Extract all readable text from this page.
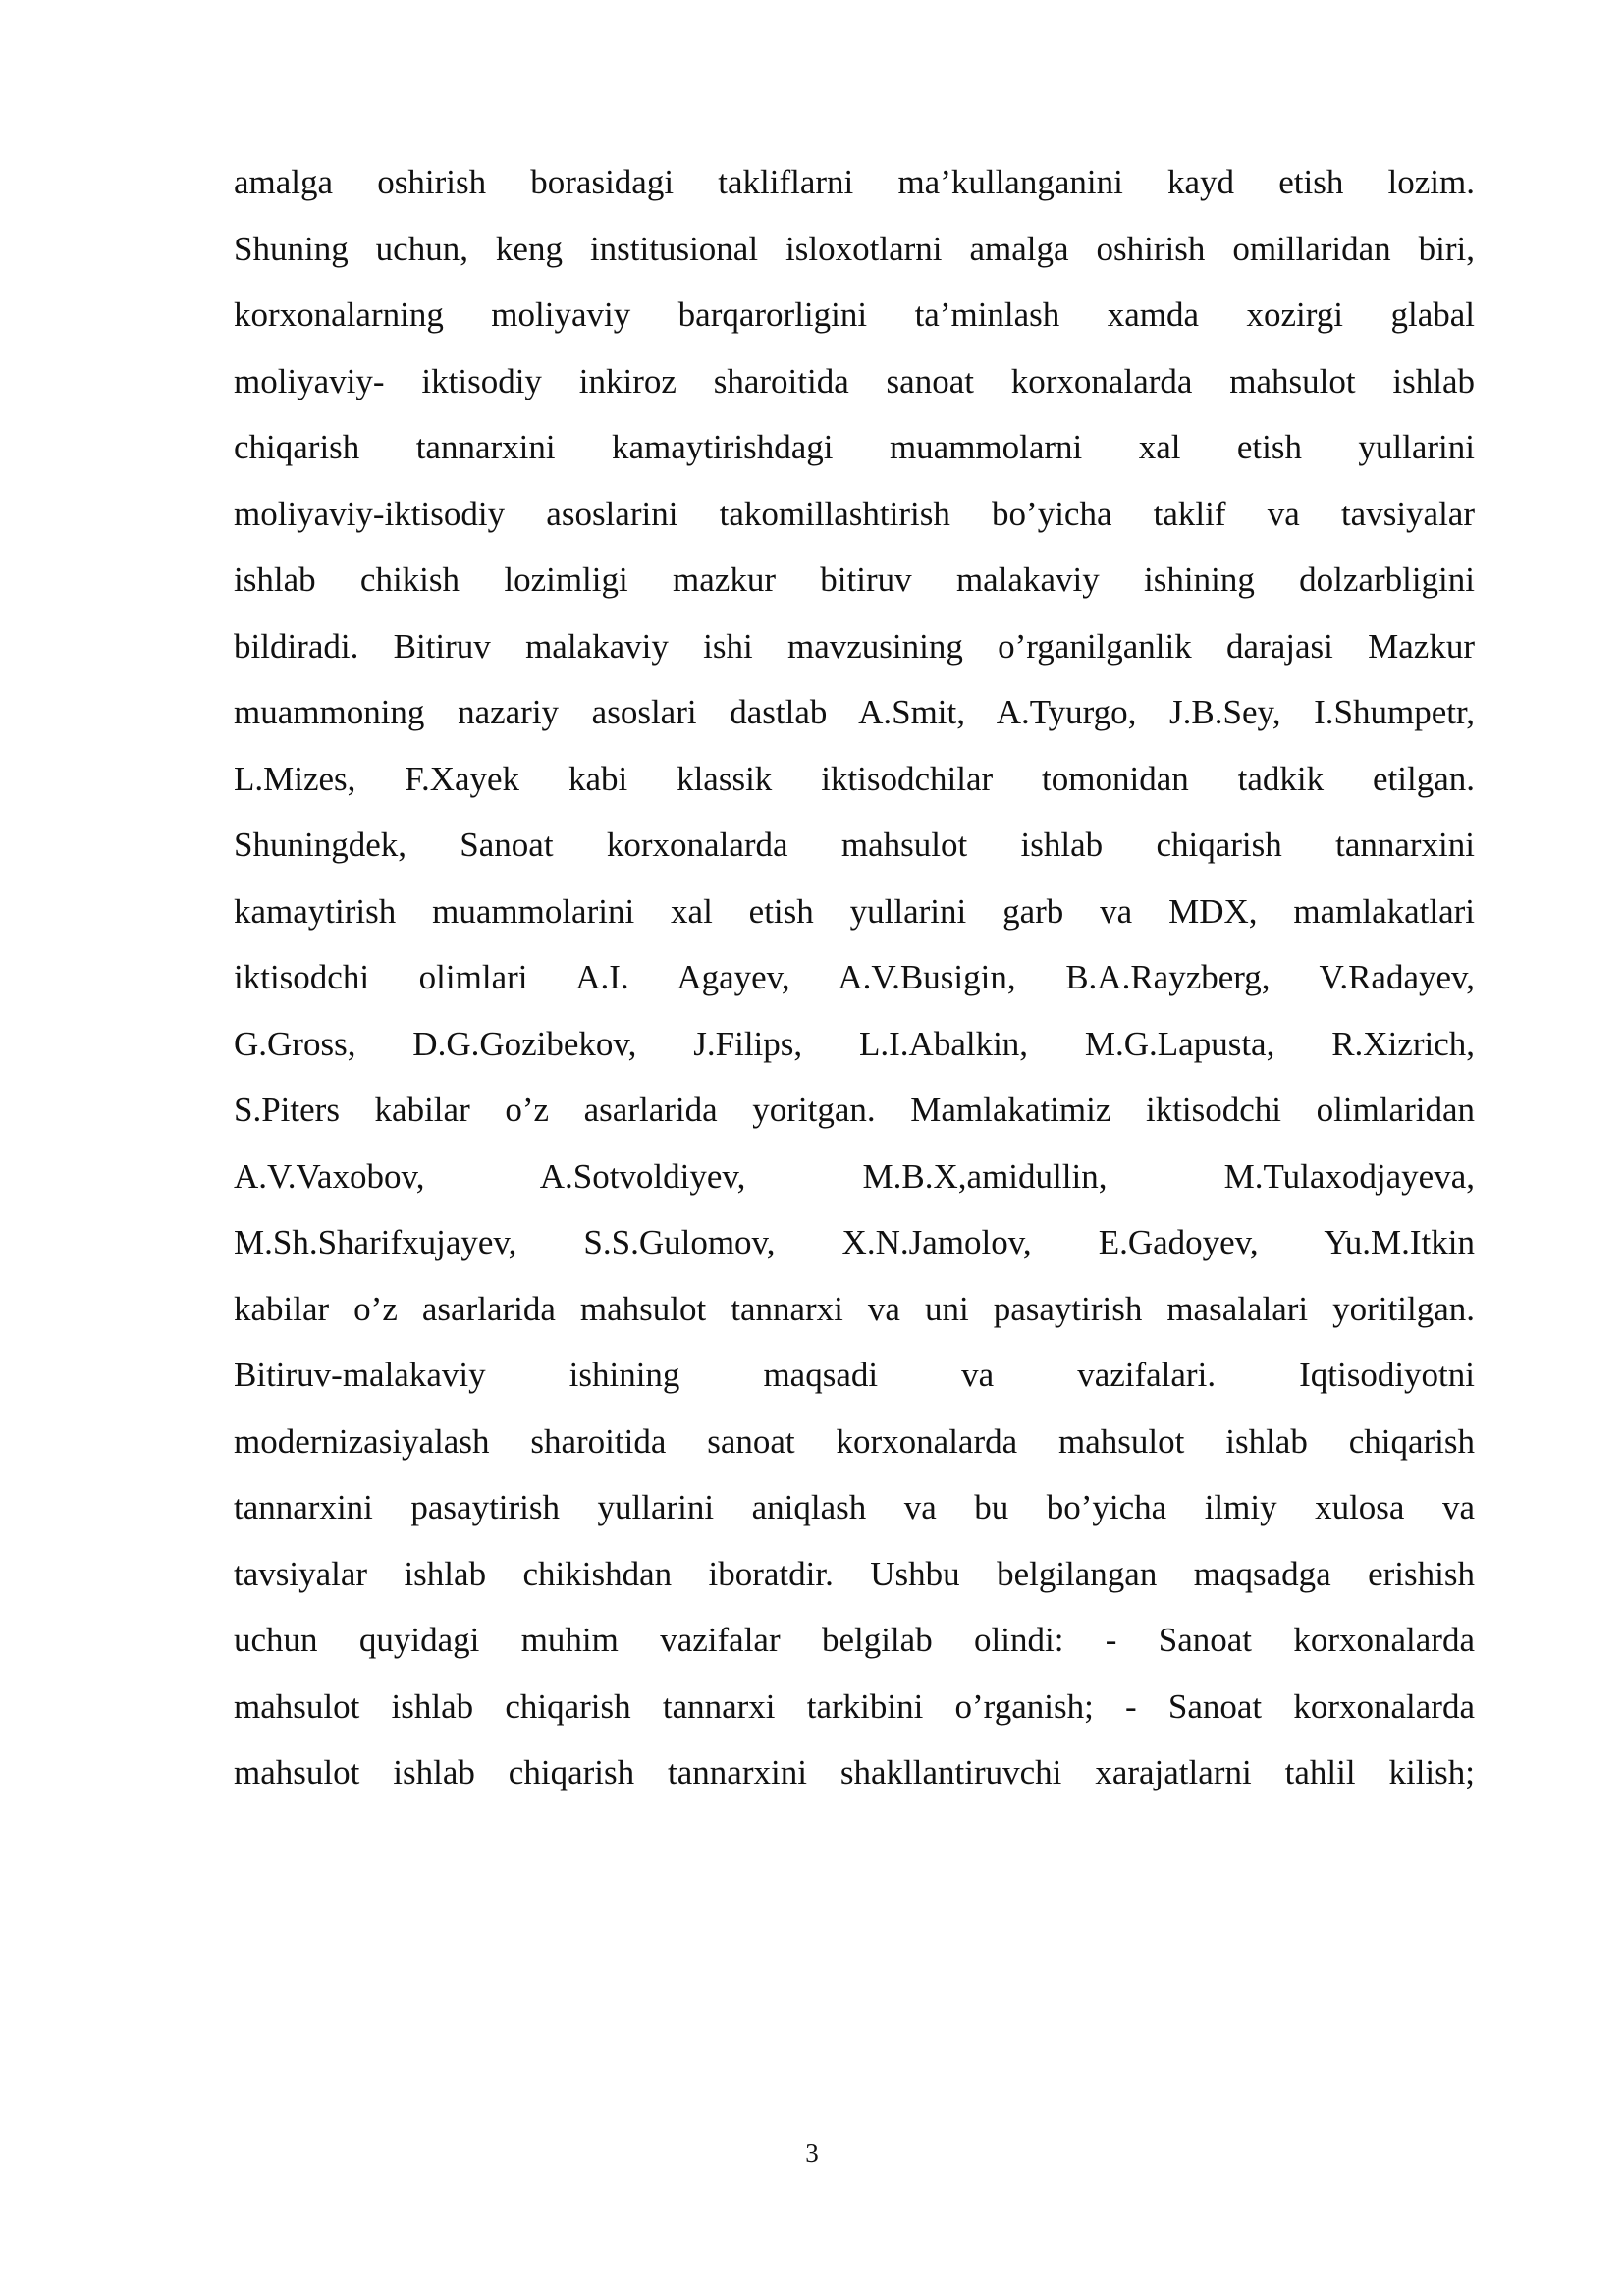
amalga oshirish borasidagi takliflarni ma’kullanganini kayd etish lozim.
Shuning uchun, keng institusional isloxotlarni amalga oshirish omillaridan biri,
korxonalarning moliyaviy barqarorligini ta’minlash xamda xozirgi glabal
moliyaviy- iktisodiy inkiroz sharoitida sanoat korxonalarda mahsulot ishlab
chiqarish tannarxini kamaytirishdagi muammolarni xal etish yullarini
moliyaviy-iktisodiy asoslarini takomillashtirish bo’yicha taklif va tavsiyalar
ishlab chikish lozimligi mazkur bitiruv malakaviy ishining dolzarbligini
bildiradi. Bitiruv malakaviy ishi mavzusining o’rganilganlik darajasi Mazkur
muammoning nazariy asoslari dastlab A.Smit, A.Tyurgo, J.B.Sey, I.Shumpetr,
L.Mizes, F.Xayek kabi klassik iktisodchilar tomonidan tadkik etilgan.
Shuningdek, Sanoat korxonalarda mahsulot ishlab chiqarish tannarxini
kamaytirish muammolarini xal etish yullarini garb va MDX, mamlakatlari
iktisodchi olimlari A.I. Agayev, A.V.Busigin, B.A.Rayzberg, V.Radayev,
G.Gross, D.G.Gozibekov, J.Filips, L.I.Abalkin, M.G.Lapusta, R.Xizrich,
S.Piters kabilar o’z asarlarida yoritgan. Mamlakatimiz iktisodchi olimlaridan
A.V.Vaxobov, A.Sotvoldiyev, M.B.X,amidullin, M.Tulaxodjayeva,
M.Sh.Sharifxujayev, S.S.Gulomov, X.N.Jamolov, E.Gadoyev, Yu.M.Itkin
kabilar o’z asarlarida mahsulot tannarxi va uni pasaytirish masalalari yoritilgan.
Bitiruv-malakaviy ishining maqsadi va vazifalari. Iqtisodiyotni
modernizasiyalash sharoitida sanoat korxonalarda mahsulot ishlab chiqarish
tannarxini pasaytirish yullarini aniqlash va bu bo’yicha ilmiy xulosa va
tavsiyalar ishlab chikishdan iboratdir. Ushbu belgilangan maqsadga erishish
uchun quyidagi muhim vazifalar belgilab olindi: - Sanoat korxonalarda
mahsulot ishlab chiqarish tannarxi tarkibini o’rganish; - Sanoat korxonalarda
mahsulot ishlab chiqarish tannarxini shakllantiruvchi xarajatlarni tahlil kilish;
3
